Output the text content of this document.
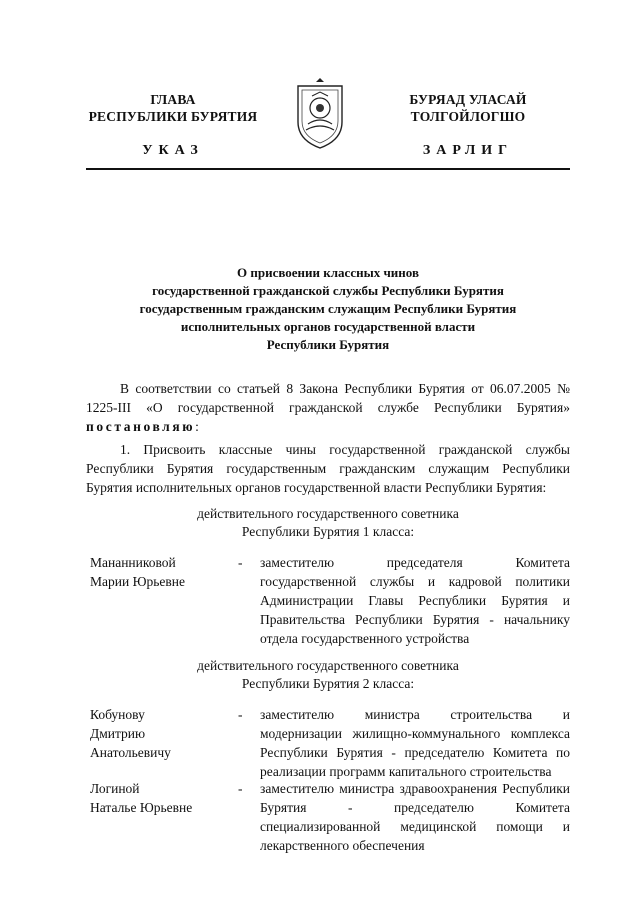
ГЛАВА
РЕСПУБЛИКИ БУРЯТИЯ
БУРЯАД УЛАСАЙ
ТОЛГОЙЛОГШО
УКАЗ	ЗАРЛИГ
О присвоении классных чинов
государственной гражданской службы Республики Бурятия
государственным гражданским служащим Республики Бурятия
исполнительных органов государственной власти
Республики Бурятия
В соответствии со статьей 8 Закона Республики Бурятия от 06.07.2005 № 1225-III «О государственной гражданской службе Республики Бурятия» постановляю:
1. Присвоить классные чины государственной гражданской службы Республики Бурятия государственным гражданским служащим Республики Бурятия исполнительных органов государственной власти Республики Бурятия:
действительного государственного советника
Республики Бурятия 1 класса:
Мананниковой
Марии Юрьевне
-	заместителю председателя Комитета государственной службы и кадровой политики Администрации Главы Республики Бурятия и Правительства Республики Бурятия - начальнику отдела государственного устройства
действительного государственного советника
Республики Бурятия 2 класса:
Кобунову
Дмитрию
Анатольевичу
-	заместителю министра строительства и модернизации жилищно-коммунального комплекса Республики Бурятия - председателю Комитета по реализации программ капитального строительства
Логиной
Наталье Юрьевне
-	заместителю министра здравоохранения Республики Бурятия - председателю Комитета специализированной медицинской помощи и лекарственного обеспечения
